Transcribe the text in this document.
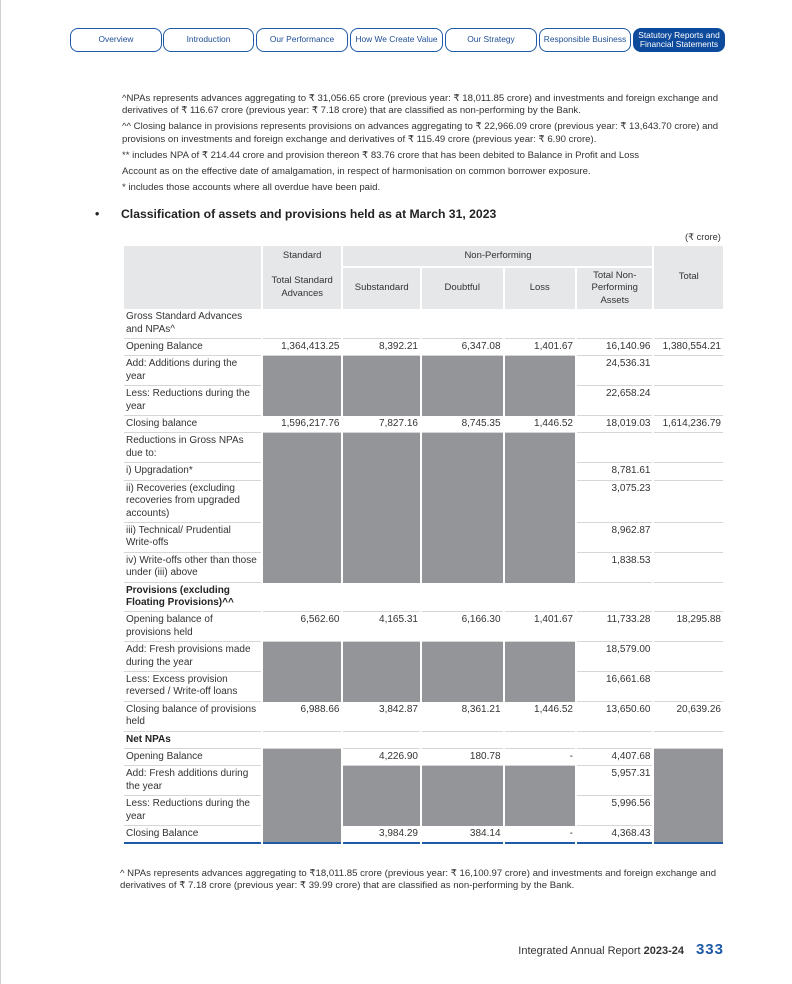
Overview	Introduction	Our Performance	How We Create Value	Our Strategy	Responsible Business	Statutory Reports and Financial Statements

^NPAs represents advances aggregating to ₹ 31,056.65 crore (previous year: ₹ 18,011.85 crore) and investments and foreign exchange and derivatives of ₹ 116.67 crore (previous year: ₹ 7.18 crore) that are classified as non-performing by the Bank.

^^ Closing balance in provisions represents provisions on advances aggregating to ₹ 22,966.09 crore (previous year: ₹ 13,643.70 crore) and provisions on investments and foreign exchange and derivatives of ₹ 115.49 crore (previous year: ₹ 6.90 crore).

** includes NPA of ₹ 214.44 crore and provision thereon ₹ 83.76 crore that has been debited to Balance in Profit and Loss

Account as on the effective date of amalgamation, in respect of harmonisation on common borrower exposure.

* includes those accounts where all overdue have been paid.

• Classification of assets and provisions held as at March 31, 2023
(₹ crore)
	Standard	Non-Performing				Total
	Total Standard Advances	Substandard	Doubtful	Loss	Total Non-Performing Assets	
Gross Standard Advances and NPAs^						
Opening Balance	1,364,413.25	8,392.21	6,347.08	1,401.67	16,140.96	1,380,554.21
Add: Additions during the year					24,536.31	
Less: Reductions during the year					22,658.24	
Closing balance	1,596,217.76	7,827.16	8,745.35	1,446.52	18,019.03	1,614,236.79
Reductions in Gross NPAs due to:						
i) Upgradation*					8,781.61	
ii) Recoveries (excluding recoveries from upgraded accounts)					3,075.23	
iii) Technical/ Prudential Write-offs					8,962.87	
iv) Write-offs other than those under (iii) above					1,838.53	
Provisions (excluding Floating Provisions)^^						
Opening balance of provisions held	6,562.60	4,165.31	6,166.30	1,401.67	11,733.28	18,295.88
Add: Fresh provisions made during the year					18,579.00	
Less: Excess provision reversed / Write-off loans					16,661.68	
Closing balance of provisions held	6,988.66	3,842.87	8,361.21	1,446.52	13,650.60	20,639.26
Net NPAs						
Opening Balance		4,226.90	180.78	-	4,407.68	
Add: Fresh additions during the year					5,957.31	
Less: Reductions during the year					5,996.56	
Closing Balance		3,984.29	384.14	-	4,368.43	
^ NPAs represents advances aggregating to ₹18,011.85 crore (previous year: ₹ 16,100.97 crore) and investments and foreign exchange and derivatives of ₹ 7.18 crore (previous year: ₹ 39.99 crore) that are classified as non-performing by the Bank.
Integrated Annual Report 2023-24 333
